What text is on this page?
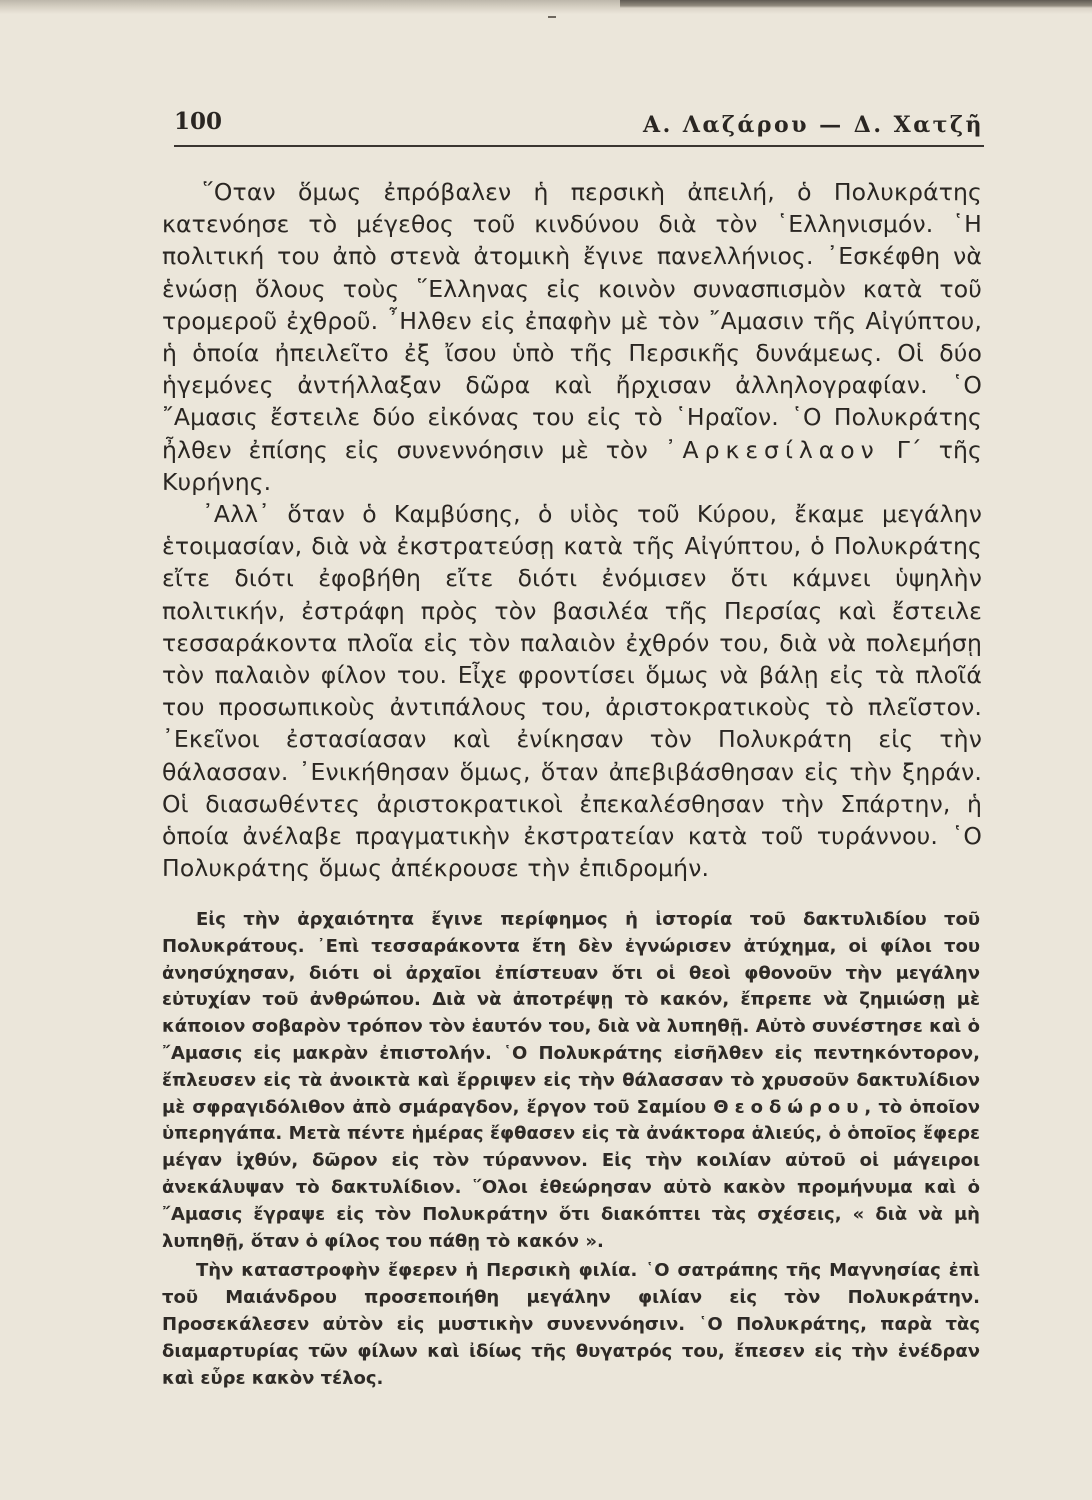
100	Α. Λαζάρου — Δ. Χατζῆ

῞Οταν ὅμως ἐπρόβαλεν ἡ περσικὴ ἀπειλή, ὁ Πολυκράτης κατενόησε τὸ μέγεθος τοῦ κινδύνου διὰ τὸν ῾Ελληνισμόν. ῾Η πολιτική του ἀπὸ στενὰ ἀτομικὴ ἔγινε πανελλήνιος. ᾿Εσκέφθη νὰ ἑνώσῃ ὅλους τοὺς ῞Ελληνας εἰς κοινὸν συνασπισμὸν κατὰ τοῦ τρομεροῦ ἐχθροῦ. ῏Ηλθεν εἰς ἐπαφὴν μὲ τὸν ῎Αμασιν τῆς Αἰγύπτου, ἡ ὁποία ἠπειλεῖτο ἐξ ἴσου ὑπὸ τῆς Περσικῆς δυνάμεως. Οἱ δύο ἡγεμόνες ἀντήλλαξαν δῶρα καὶ ἤρχισαν ἀλληλογραφίαν. ῾Ο ῎Αμασις ἔστειλε δύο εἰκόνας του εἰς τὸ ῾Ηραῖον. ῾Ο Πολυκράτης ἦλθεν ἐπίσης εἰς συνεννόησιν μὲ τὸν ᾿Αρκεσίλαον Γ΄ τῆς Κυρήνης.

᾿Αλλ᾿ ὅταν ὁ Καμβύσης, ὁ υἱὸς τοῦ Κύρου, ἔκαμε μεγάλην ἑτοιμασίαν, διὰ νὰ ἐκστρατεύσῃ κατὰ τῆς Αἰγύπτου, ὁ Πολυκράτης εἴτε διότι ἐφοβήθη εἴτε διότι ἐνόμισεν ὅτι κάμνει ὑψηλὴν πολιτικήν, ἐστράφη πρὸς τὸν βασιλέα τῆς Περσίας καὶ ἔστειλε τεσσαράκοντα πλοῖα εἰς τὸν παλαιὸν ἐχθρόν του, διὰ νὰ πολεμήσῃ τὸν παλαιὸν φίλον του. Εἶχε φροντίσει ὅμως νὰ βάλῃ εἰς τὰ πλοῖά του προσωπικοὺς ἀντιπάλους του, ἀριστοκρατικοὺς τὸ πλεῖστον. ᾿Εκεῖνοι ἐστασίασαν καὶ ἐνίκησαν τὸν Πολυκράτη εἰς τὴν θάλασσαν. ᾿Ενικήθησαν ὅμως, ὅταν ἀπεβιβάσθησαν εἰς τὴν ξηράν. Οἱ διασωθέντες ἀριστοκρατικοὶ ἐπεκαλέσθησαν τὴν Σπάρτην, ἡ ὁποία ἀνέλαβε πραγματικὴν ἐκστρατείαν κατὰ τοῦ τυράννου. ῾Ο Πολυκράτης ὅμως ἀπέκρουσε τὴν ἐπιδρομήν.

Εἰς τὴν ἀρχαιότητα ἔγινε περίφημος ἡ ἱστορία τοῦ δακτυλιδίου τοῦ Πολυκράτους. ᾿Επὶ τεσσαράκοντα ἔτη δὲν ἐγνώρισεν ἀτύχημα, οἱ φίλοι του ἀνησύχησαν, διότι οἱ ἀρχαῖοι ἐπίστευαν ὅτι οἱ θεοὶ φθονοῦν τὴν μεγάλην εὐτυχίαν τοῦ ἀνθρώπου. Διὰ νὰ ἀποτρέψῃ τὸ κακόν, ἔπρεπε νὰ ζημιώσῃ μὲ κάποιον σοβαρὸν τρόπον τὸν ἑαυτόν του, διὰ νὰ λυπηθῇ. Αὐτὸ συνέστησε καὶ ὁ ῎Αμασις εἰς μακρὰν ἐπιστολήν. ῾Ο Πολυκράτης εἰσῆλθεν εἰς πεντηκόντορον, ἔπλευσεν εἰς τὰ ἀνοικτὰ καὶ ἔρριψεν εἰς τὴν θάλασσαν τὸ χρυσοῦν δακτυλίδιον μὲ σφραγιδόλιθον ἀπὸ σμάραγδον, ἔργον τοῦ Σαμίου Θεοδώρου, τὸ ὁποῖον ὑπερηγάπα. Μετὰ πέντε ἡμέρας ἔφθασεν εἰς τὰ ἀνάκτορα ἁλιεύς, ὁ ὁποῖος ἔφερε μέγαν ἰχθύν, δῶρον εἰς τὸν τύραννον. Εἰς τὴν κοιλίαν αὐτοῦ οἱ μάγειροι ἀνεκάλυψαν τὸ δακτυλίδιον. ῞Ολοι ἐθεώρησαν αὐτὸ κακὸν προμήνυμα καὶ ὁ ῎Αμασις ἔγραψε εἰς τὸν Πολυκράτην ὅτι διακόπτει τὰς σχέσεις, « διὰ νὰ μὴ λυπηθῇ, ὅταν ὁ φίλος του πάθῃ τὸ κακόν ».

Τὴν καταστροφὴν ἔφερεν ἡ Περσικὴ φιλία. ῾Ο σατράπης τῆς Μαγνησίας ἐπὶ τοῦ Μαιάνδρου προσεποιήθη μεγάλην φιλίαν εἰς τὸν Πολυκράτην. Προσεκάλεσεν αὐτὸν εἰς μυστικὴν συνεννόησιν. ῾Ο Πολυκράτης, παρὰ τὰς διαμαρτυρίας τῶν φίλων καὶ ἰδίως τῆς θυγατρός του, ἔπεσεν εἰς τὴν ἐνέδραν καὶ εὗρε κακὸν τέλος.
